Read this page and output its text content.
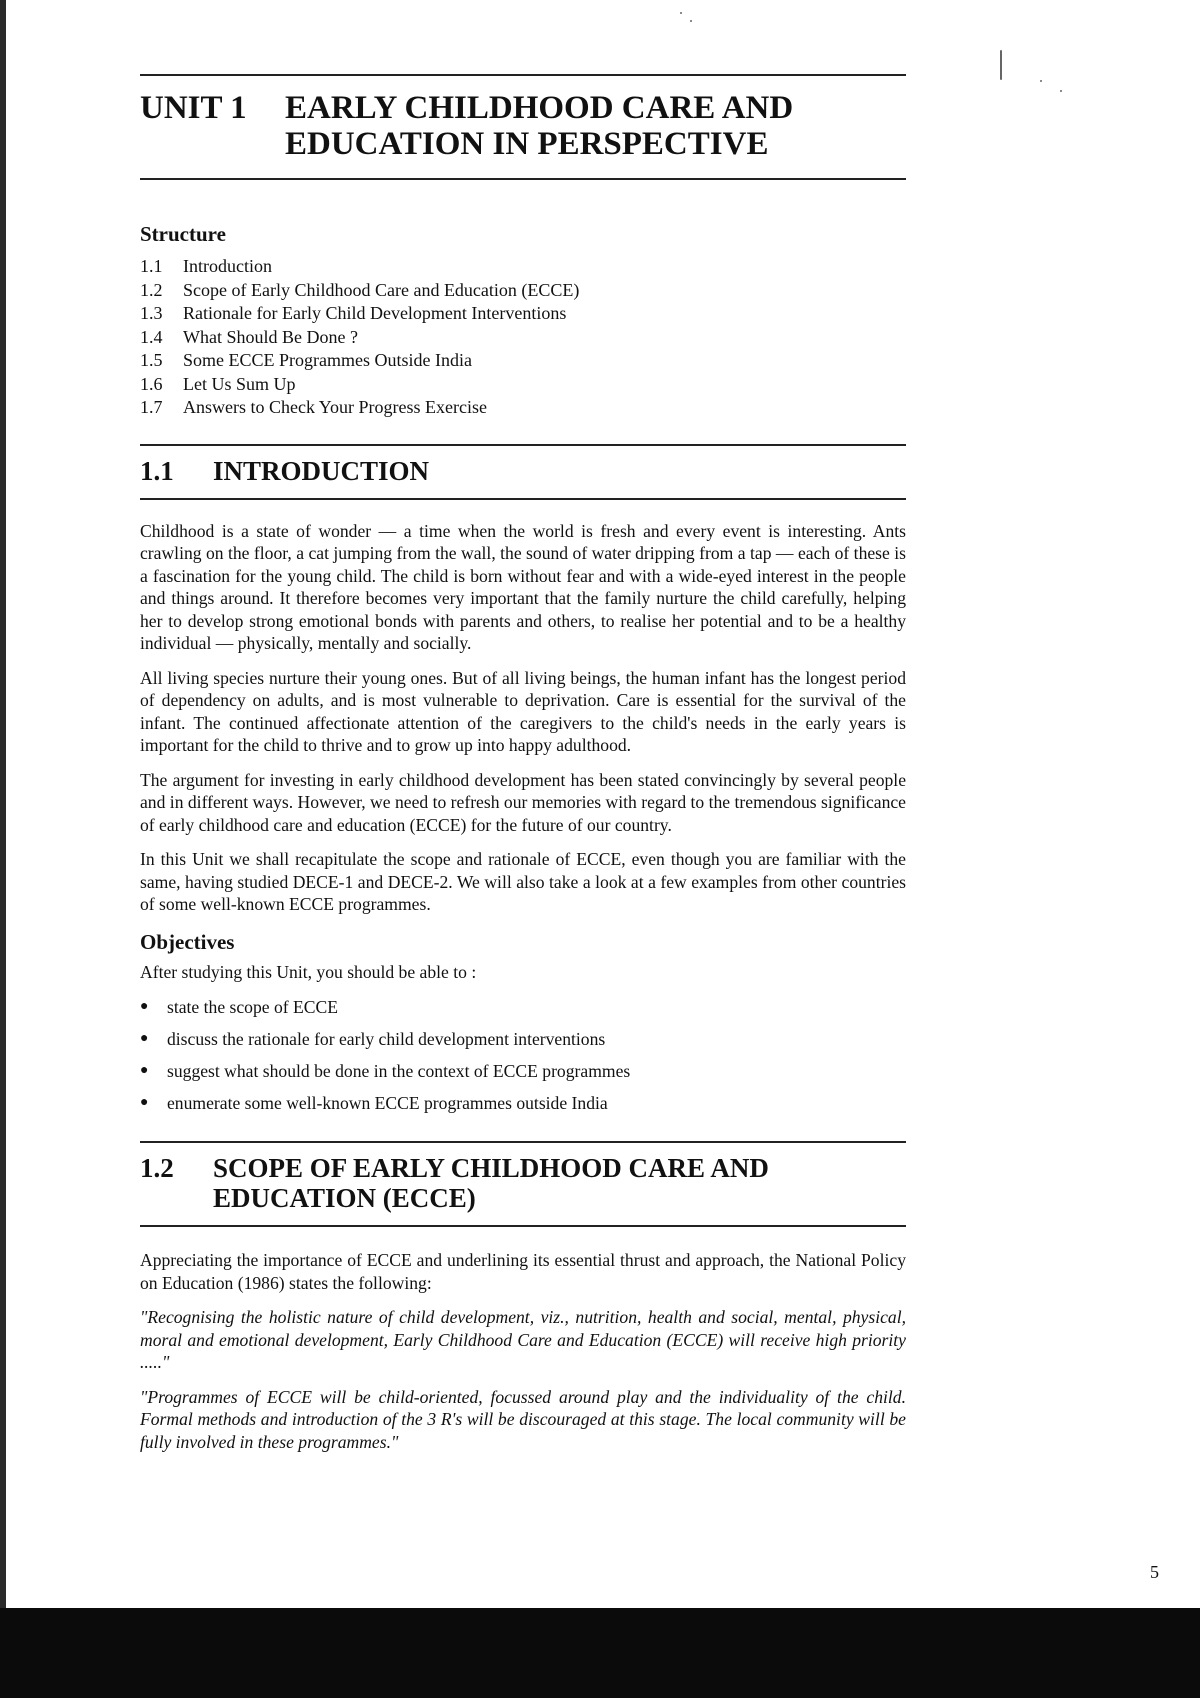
UNIT 1	EARLY CHILDHOOD CARE AND
EDUCATION IN PERSPECTIVE
Structure
1.1	Introduction
1.2	Scope of Early Childhood Care and Education (ECCE)
1.3	Rationale for Early Child Development Interventions
1.4	What Should Be Done ?
1.5	Some ECCE Programmes Outside India
1.6	Let Us Sum Up
1.7	Answers to Check Your Progress Exercise
1.1	INTRODUCTION

Childhood is a state of wonder — a time when the world is fresh and every event is interesting. Ants crawling on the floor, a cat jumping from the wall, the sound of water dripping from a tap — each of these is a fascination for the young child. The child is born without fear and with a wide-eyed interest in the people and things around. It therefore becomes very important that the family nurture the child carefully, helping her to develop strong emotional bonds with parents and others, to realise her potential and to be a healthy individual — physically, mentally and socially.

All living species nurture their young ones. But of all living beings, the human infant has the longest period of dependency on adults, and is most vulnerable to deprivation. Care is essential for the survival of the infant. The continued affectionate attention of the caregivers to the child's needs in the early years is important for the child to thrive and to grow up into happy adulthood.

The argument for investing in early childhood development has been stated convincingly by several people and in different ways. However, we need to refresh our memories with regard to the tremendous significance of early childhood care and education (ECCE) for the future of our country.

In this Unit we shall recapitulate the scope and rationale of ECCE, even though you are familiar with the same, having studied DECE-1 and DECE-2. We will also take a look at a few examples from other countries of some well-known ECCE programmes.

Objectives

After studying this Unit, you should be able to :

●	state the scope of ECCE
●	discuss the rationale for early child development interventions
●	suggest what should be done in the context of ECCE programmes
●	enumerate some well-known ECCE programmes outside India
1.2	SCOPE OF EARLY CHILDHOOD CARE AND
EDUCATION (ECCE)

Appreciating the importance of ECCE and underlining its essential thrust and approach, the National Policy on Education (1986) states the following:

"Recognising the holistic nature of child development, viz., nutrition, health and social, mental, physical, moral and emotional development, Early Childhood Care and Education (ECCE) will receive high priority ....."

"Programmes of ECCE will be child-oriented, focussed around play and the individuality of the child. Formal methods and introduction of the 3 R's will be discouraged at this stage. The local community will be fully involved in these programmes."

5
